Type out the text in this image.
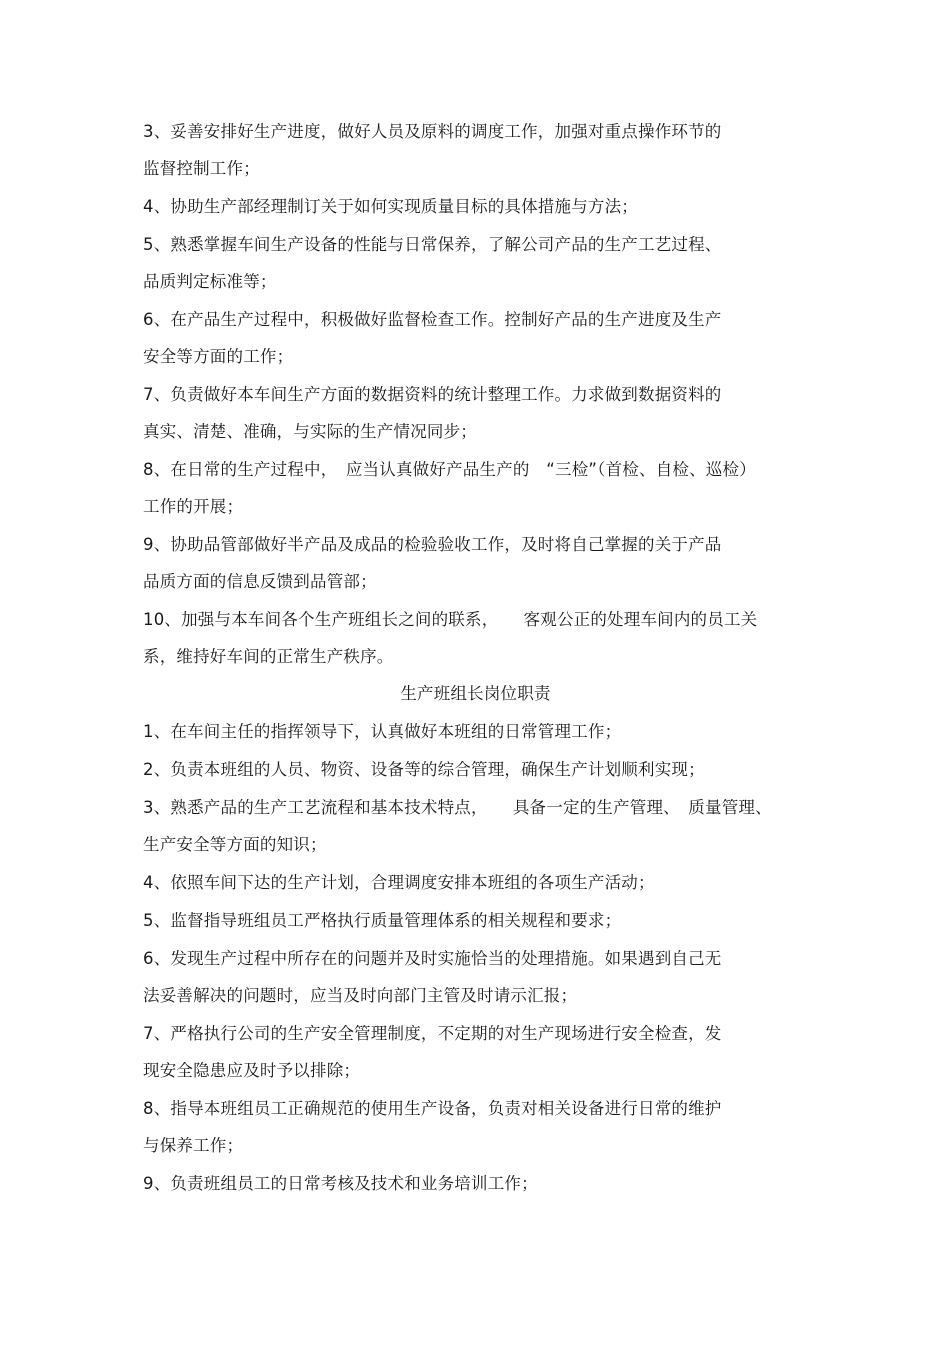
3、妥善安排好生产进度，做好人员及原料的调度工作，加强对重点操作环节的
监督控制工作；
4、协助生产部经理制订关于如何实现质量目标的具体措施与方法；
5、熟悉掌握车间生产设备的性能与日常保养，了解公司产品的生产工艺过程、
品质判定标准等；
6、在产品生产过程中，积极做好监督检查工作。控制好产品的生产进度及生产
安全等方面的工作；
7、负责做好本车间生产方面的数据资料的统计整理工作。力求做到数据资料的
真实、清楚、准确，与实际的生产情况同步；
8、在日常的生产过程中，　应当认真做好产品生产的　“三检”（首检、自检、巡检）
工作的开展；
9、协助品管部做好半产品及成品的检验验收工作，及时将自己掌握的关于产品
品质方面的信息反馈到品管部；
10、加强与本车间各个生产班组长之间的联系，　　客观公正的处理车间内的员工关
系，维持好车间的正常生产秩序。
生产班组长岗位职责
1、在车间主任的指挥领导下，认真做好本班组的日常管理工作；
2、负责本班组的人员、物资、设备等的综合管理，确保生产计划顺利实现；
3、熟悉产品的生产工艺流程和基本技术特点，　　具备一定的生产管理、　质量管理、
生产安全等方面的知识；
4、依照车间下达的生产计划，合理调度安排本班组的各项生产活动；
5、监督指导班组员工严格执行质量管理体系的相关规程和要求；
6、发现生产过程中所存在的问题并及时实施恰当的处理措施。如果遇到自己无
法妥善解决的问题时，应当及时向部门主管及时请示汇报；
7、严格执行公司的生产安全管理制度，不定期的对生产现场进行安全检查，发
现安全隐患应及时予以排除；
8、指导本班组员工正确规范的使用生产设备，负责对相关设备进行日常的维护
与保养工作；
9、负责班组员工的日常考核及技术和业务培训工作；
